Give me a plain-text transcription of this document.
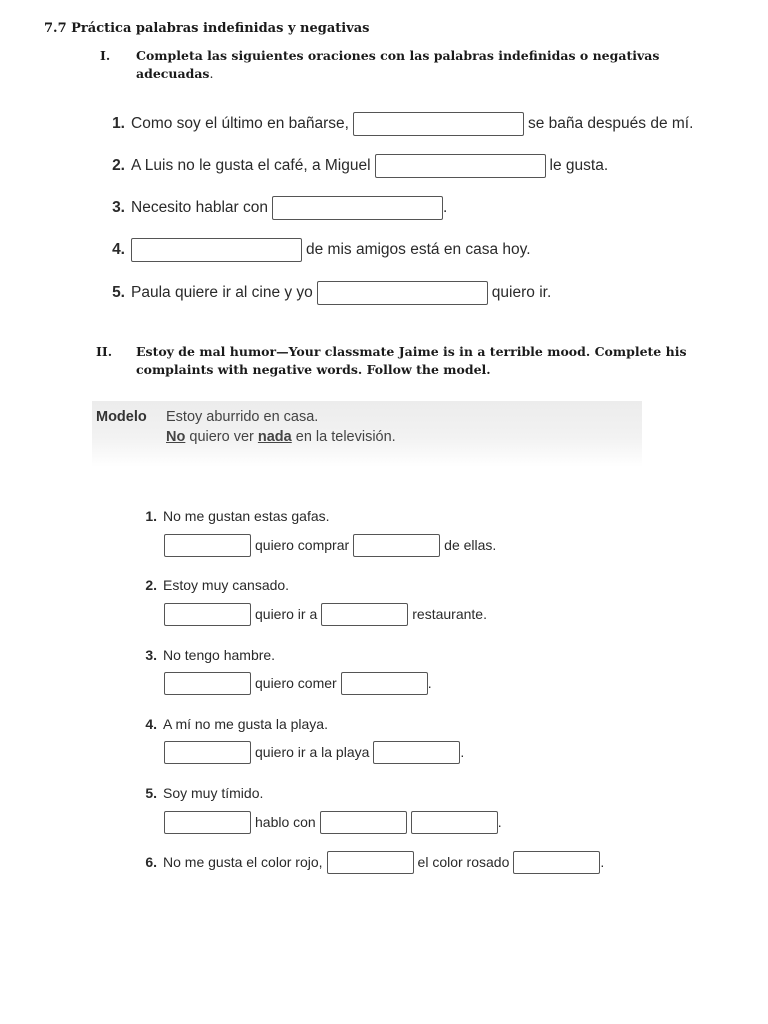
7.7 Práctica palabras indefinidas y negativas
I. Completa las siguientes oraciones con las palabras indefinidas o negativas adecuadas.
1. Como soy el último en bañarse,	se baña después de mí.
2. A Luis no le gusta el café, a Miguel	le gusta.
3. Necesito hablar con	.
4.	de mis amigos está en casa hoy.
5. Paula quiere ir al cine y yo	quiero ir.
II. Estoy de mal humor—Your classmate Jaime is in a terrible mood. Complete his complaints with negative words. Follow the model.
Modelo Estoy aburrido en casa.
No quiero ver nada en la televisión.
1. No me gustan estas gafas.
quiero comprar	de ellas.
2. Estoy muy cansado.
quiero ir a	restaurante.
3. No tengo hambre.
quiero comer	.
4. A mí no me gusta la playa.
quiero ir a la playa	.
5. Soy muy tímido.
hablo con	.
6. No me gusta el color rojo,	el color rosado	.
